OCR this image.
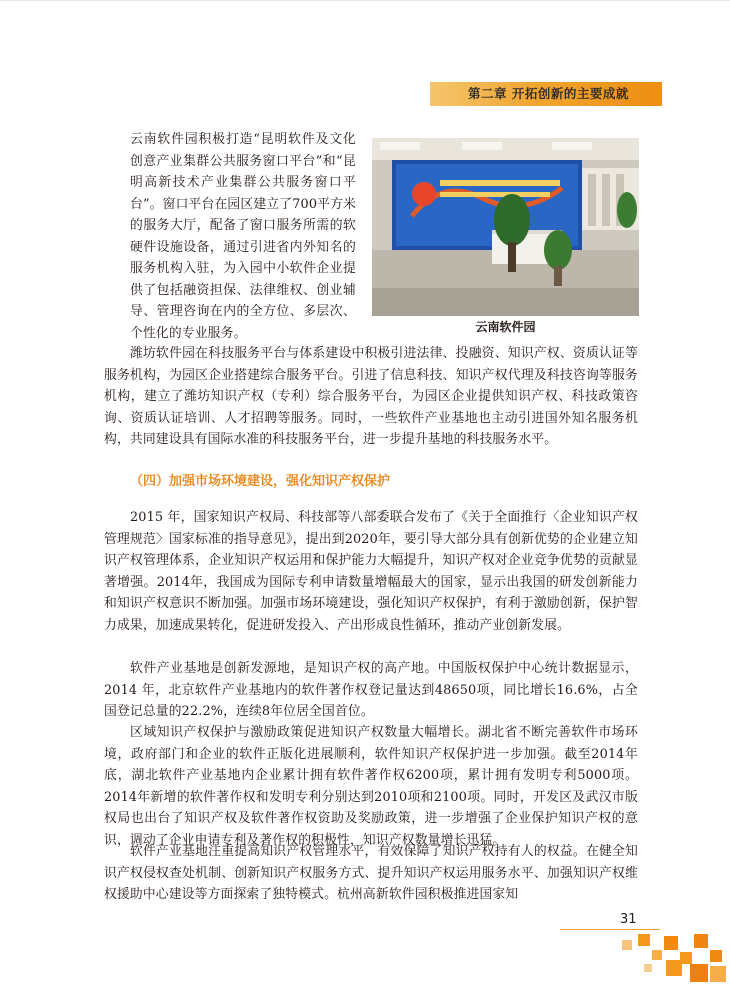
第二章 开拓创新的主要成就

云南软件园积极打造“昆明软件及文化创意产业集群公共服务窗口平台”和“昆明高新技术产业集群公共服务窗口平台”。窗口平台在园区建立了700平方米的服务大厅，配备了窗口服务所需的软硬件设施设备，通过引进省内外知名的服务机构入驻，为入园中小软件企业提供了包括融资担保、法律维权、创业辅导、管理咨询在内的全方位、多层次、个性化的专业服务。	云南软件园

潍坊软件园在科技服务平台与体系建设中积极引进法律、投融资、知识产权、资质认证等服务机构，为园区企业搭建综合服务平台。引进了信息科技、知识产权代理及科技咨询等服务机构，建立了潍坊知识产权（专利）综合服务平台，为园区企业提供知识产权、科技政策咨询、资质认证培训、人才招聘等服务。同时，一些软件产业基地也主动引进国外知名服务机构，共同建设具有国际水准的科技服务平台，进一步提升基地的科技服务水平。

（四）加强市场环境建设，强化知识产权保护

2015 年，国家知识产权局、科技部等八部委联合发布了《关于全面推行〈企业知识产权管理规范〉国家标准的指导意见》，提出到2020年，要引导大部分具有创新优势的企业建立知识产权管理体系，企业知识产权运用和保护能力大幅提升，知识产权对企业竞争优势的贡献显著增强。2014年，我国成为国际专利申请数量增幅最大的国家，显示出我国的研发创新能力和知识产权意识不断加强。加强市场环境建设，强化知识产权保护，有利于激励创新，保护智力成果，加速成果转化，促进研发投入、产出形成良性循环，推动产业创新发展。

软件产业基地是创新发源地，是知识产权的高产地。中国版权保护中心统计数据显示，2014 年，北京软件产业基地内的软件著作权登记量达到48650项，同比增长16.6%，占全国登记总量的22.2%，连续8年位居全国首位。

区域知识产权保护与激励政策促进知识产权数量大幅增长。湖北省不断完善软件市场环境，政府部门和企业的软件正版化进展顺利，软件知识产权保护进一步加强。截至2014年底，湖北软件产业基地内企业累计拥有软件著作权6200项，累计拥有发明专利5000项。2014年新增的软件著作权和发明专利分别达到2010项和2100项。同时，开发区及武汉市版权局也出台了知识产权及软件著作权资助及奖励政策，进一步增强了企业保护知识产权的意识，调动了企业申请专利及著作权的积极性，知识产权数量增长迅猛。

软件产业基地注重提高知识产权管理水平，有效保障了知识产权持有人的权益。在健全知识产权侵权查处机制、创新知识产权服务方式、提升知识产权运用服务水平、加强知识产权维权援助中心建设等方面探索了独特模式。杭州高新软件园积极推进国家知

31
